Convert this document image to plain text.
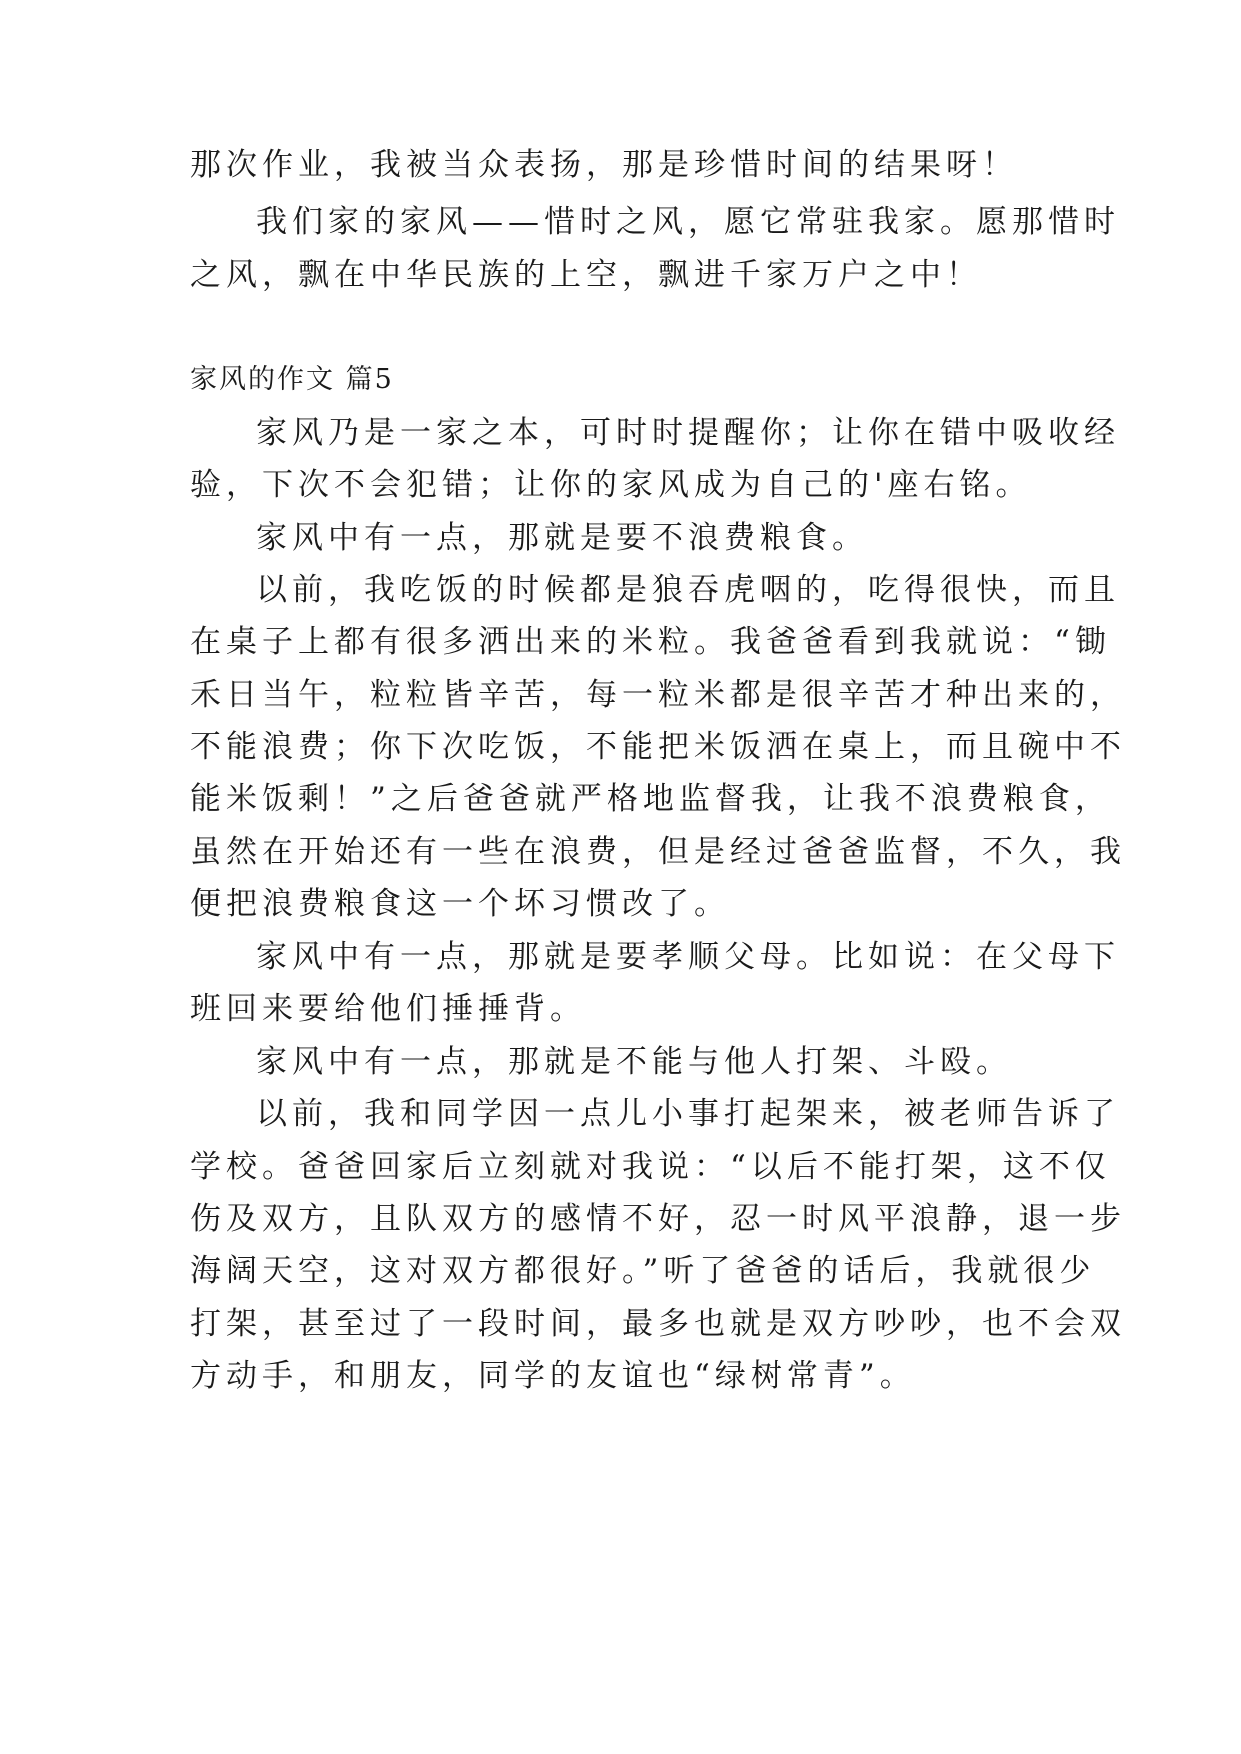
那次作业，我被当众表扬，那是珍惜时间的结果呀！
我们家的家风——惜时之风，愿它常驻我家。愿那惜时
之风，飘在中华民族的上空，飘进千家万户之中！
家风的作文 篇5
家风乃是一家之本，可时时提醒你；让你在错中吸收经
验，下次不会犯错；让你的家风成为自己的'座右铭。
家风中有一点，那就是要不浪费粮食。
以前，我吃饭的时候都是狼吞虎咽的，吃得很快，而且
在桌子上都有很多洒出来的米粒。我爸爸看到我就说：“锄
禾日当午，粒粒皆辛苦，每一粒米都是很辛苦才种出来的，
不能浪费；你下次吃饭，不能把米饭洒在桌上，而且碗中不
能米饭剩！”之后爸爸就严格地监督我，让我不浪费粮食，
虽然在开始还有一些在浪费，但是经过爸爸监督，不久，我
便把浪费粮食这一个坏习惯改了。
家风中有一点，那就是要孝顺父母。比如说：在父母下
班回来要给他们捶捶背。
家风中有一点，那就是不能与他人打架、斗殴。
以前，我和同学因一点儿小事打起架来，被老师告诉了
学校。爸爸回家后立刻就对我说：“以后不能打架，这不仅
伤及双方，且队双方的感情不好，忍一时风平浪静，退一步
海阔天空，这对双方都很好。”听了爸爸的话后，我就很少
打架，甚至过了一段时间，最多也就是双方吵吵，也不会双
方动手，和朋友，同学的友谊也“绿树常青”。
